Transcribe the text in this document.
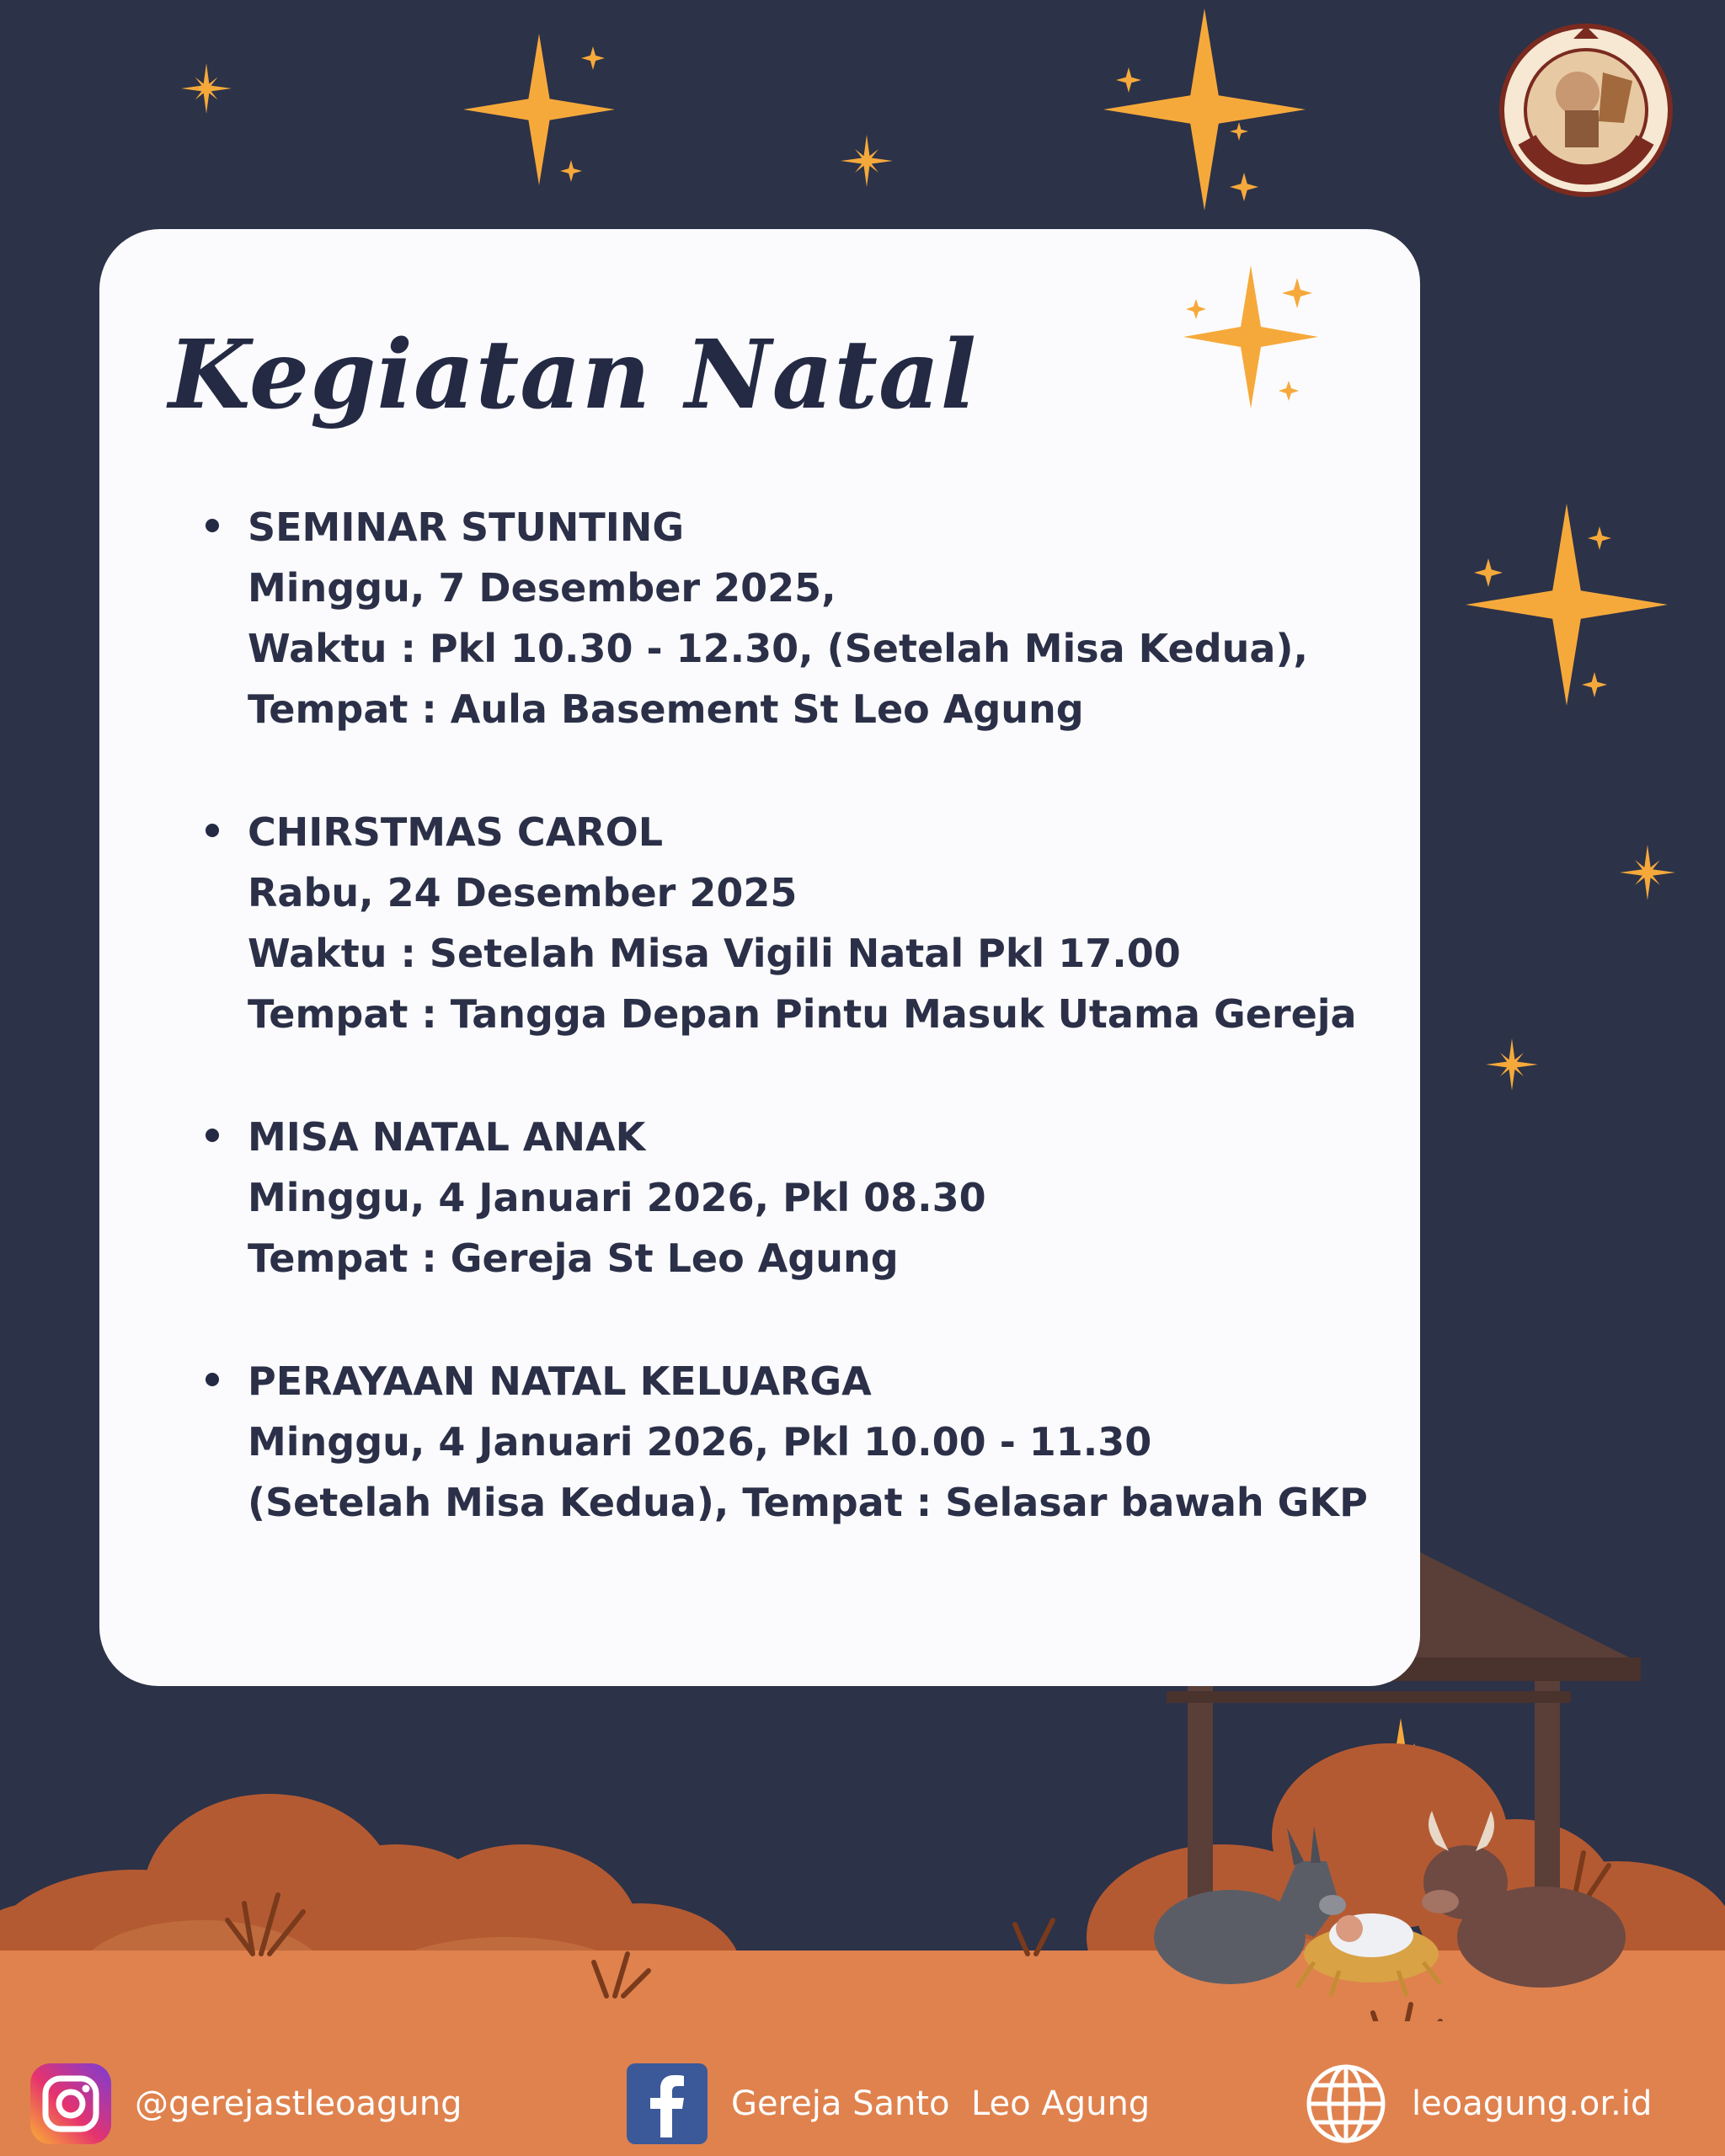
Kegiatan Natal
SEMINAR STUNTING
Minggu, 7 Desember 2025,
Waktu : Pkl 10.30 - 12.30, (Setelah Misa Kedua),
Tempat : Aula Basement St Leo Agung
CHIRSTMAS CAROL
Rabu, 24 Desember 2025
Waktu : Setelah Misa Vigili Natal Pkl 17.00
Tempat : Tangga Depan Pintu Masuk Utama Gereja
MISA NATAL ANAK
Minggu, 4 Januari 2026, Pkl 08.30
Tempat : Gereja St Leo Agung
PERAYAAN NATAL KELUARGA
Minggu, 4 Januari 2026, Pkl 10.00 - 11.30
(Setelah Misa Kedua), Tempat : Selasar bawah GKP
@gerejastleoagung	Gereja Santo  Leo Agung	leoagung.or.id
